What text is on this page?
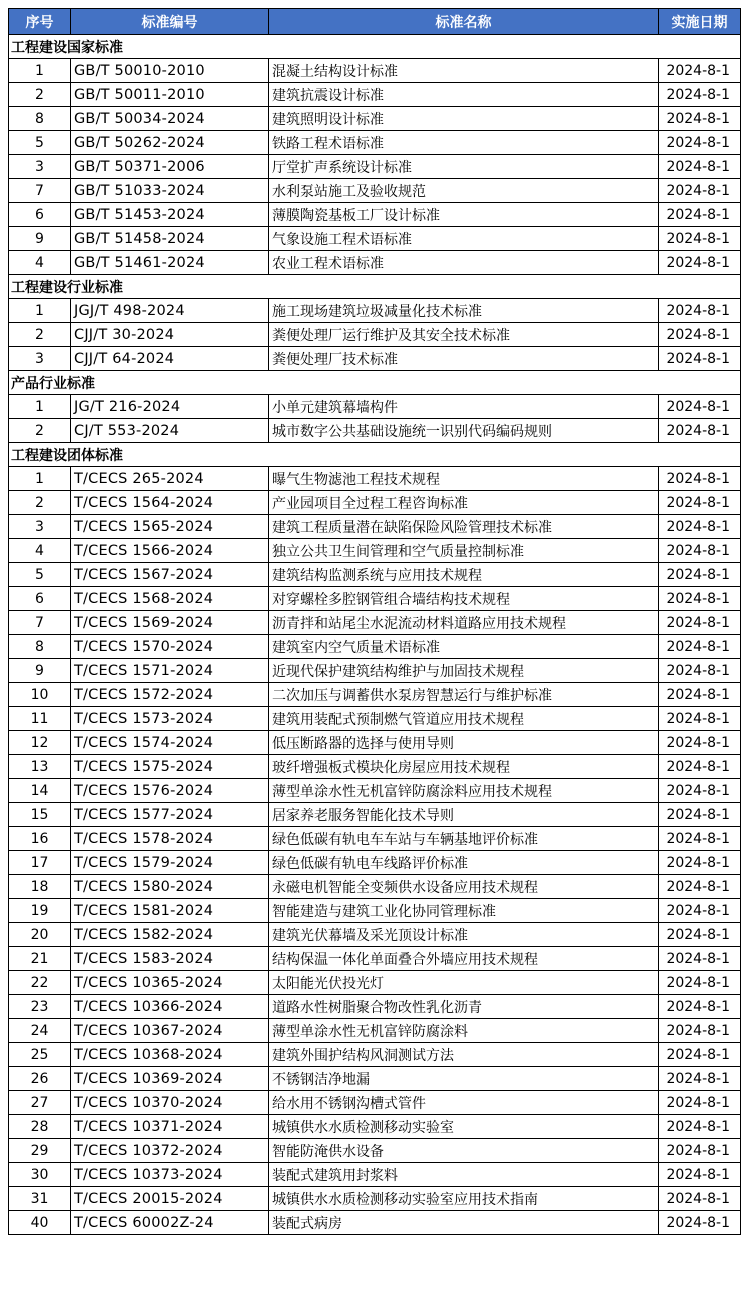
序号	标准编号	标准名称	实施日期
工程建设国家标准			
1	GB/T 50010-2010	混凝土结构设计标准	2024-8-1
2	GB/T 50011-2010	建筑抗震设计标准	2024-8-1
8	GB/T 50034-2024	建筑照明设计标准	2024-8-1
5	GB/T 50262-2024	铁路工程术语标准	2024-8-1
3	GB/T 50371-2006	厅堂扩声系统设计标准	2024-8-1
7	GB/T 51033-2024	水利泵站施工及验收规范	2024-8-1
6	GB/T 51453-2024	薄膜陶瓷基板工厂设计标准	2024-8-1
9	GB/T 51458-2024	气象设施工程术语标准	2024-8-1
4	GB/T 51461-2024	农业工程术语标准	2024-8-1
工程建设行业标准			
1	JGJ/T 498-2024	施工现场建筑垃圾减量化技术标准	2024-8-1
2	CJJ/T 30-2024	粪便处理厂运行维护及其安全技术标准	2024-8-1
3	CJJ/T 64-2024	粪便处理厂技术标准	2024-8-1
产品行业标准			
1	JG/T 216-2024	小单元建筑幕墙构件	2024-8-1
2	CJ/T 553-2024	城市数字公共基础设施统一识别代码编码规则	2024-8-1
工程建设团体标准			
1	T/CECS 265-2024	曝气生物滤池工程技术规程	2024-8-1
2	T/CECS 1564-2024	产业园项目全过程工程咨询标准	2024-8-1
3	T/CECS 1565-2024	建筑工程质量潜在缺陷保险风险管理技术标准	2024-8-1
4	T/CECS 1566-2024	独立公共卫生间管理和空气质量控制标准	2024-8-1
5	T/CECS 1567-2024	建筑结构监测系统与应用技术规程	2024-8-1
6	T/CECS 1568-2024	对穿螺栓多腔钢管组合墙结构技术规程	2024-8-1
7	T/CECS 1569-2024	沥青拌和站尾尘水泥流动材料道路应用技术规程	2024-8-1
8	T/CECS 1570-2024	建筑室内空气质量术语标准	2024-8-1
9	T/CECS 1571-2024	近现代保护建筑结构维护与加固技术规程	2024-8-1
10	T/CECS 1572-2024	二次加压与调蓄供水泵房智慧运行与维护标准	2024-8-1
11	T/CECS 1573-2024	建筑用装配式预制燃气管道应用技术规程	2024-8-1
12	T/CECS 1574-2024	低压断路器的选择与使用导则	2024-8-1
13	T/CECS 1575-2024	玻纤增强板式模块化房屋应用技术规程	2024-8-1
14	T/CECS 1576-2024	薄型单涂水性无机富锌防腐涂料应用技术规程	2024-8-1
15	T/CECS 1577-2024	居家养老服务智能化技术导则	2024-8-1
16	T/CECS 1578-2024	绿色低碳有轨电车车站与车辆基地评价标准	2024-8-1
17	T/CECS 1579-2024	绿色低碳有轨电车线路评价标准	2024-8-1
18	T/CECS 1580-2024	永磁电机智能全变频供水设备应用技术规程	2024-8-1
19	T/CECS 1581-2024	智能建造与建筑工业化协同管理标准	2024-8-1
20	T/CECS 1582-2024	建筑光伏幕墙及采光顶设计标准	2024-8-1
21	T/CECS 1583-2024	结构保温一体化单面叠合外墙应用技术规程	2024-8-1
22	T/CECS 10365-2024	太阳能光伏投光灯	2024-8-1
23	T/CECS 10366-2024	道路水性树脂聚合物改性乳化沥青	2024-8-1
24	T/CECS 10367-2024	薄型单涂水性无机富锌防腐涂料	2024-8-1
25	T/CECS 10368-2024	建筑外围护结构风洞测试方法	2024-8-1
26	T/CECS 10369-2024	不锈钢洁净地漏	2024-8-1
27	T/CECS 10370-2024	给水用不锈钢沟槽式管件	2024-8-1
28	T/CECS 10371-2024	城镇供水水质检测移动实验室	2024-8-1
29	T/CECS 10372-2024	智能防淹供水设备	2024-8-1
30	T/CECS 10373-2024	装配式建筑用封浆料	2024-8-1
31	T/CECS 20015-2024	城镇供水水质检测移动实验室应用技术指南	2024-8-1
40	T/CECS 60002Z-24	装配式病房	2024-8-1
